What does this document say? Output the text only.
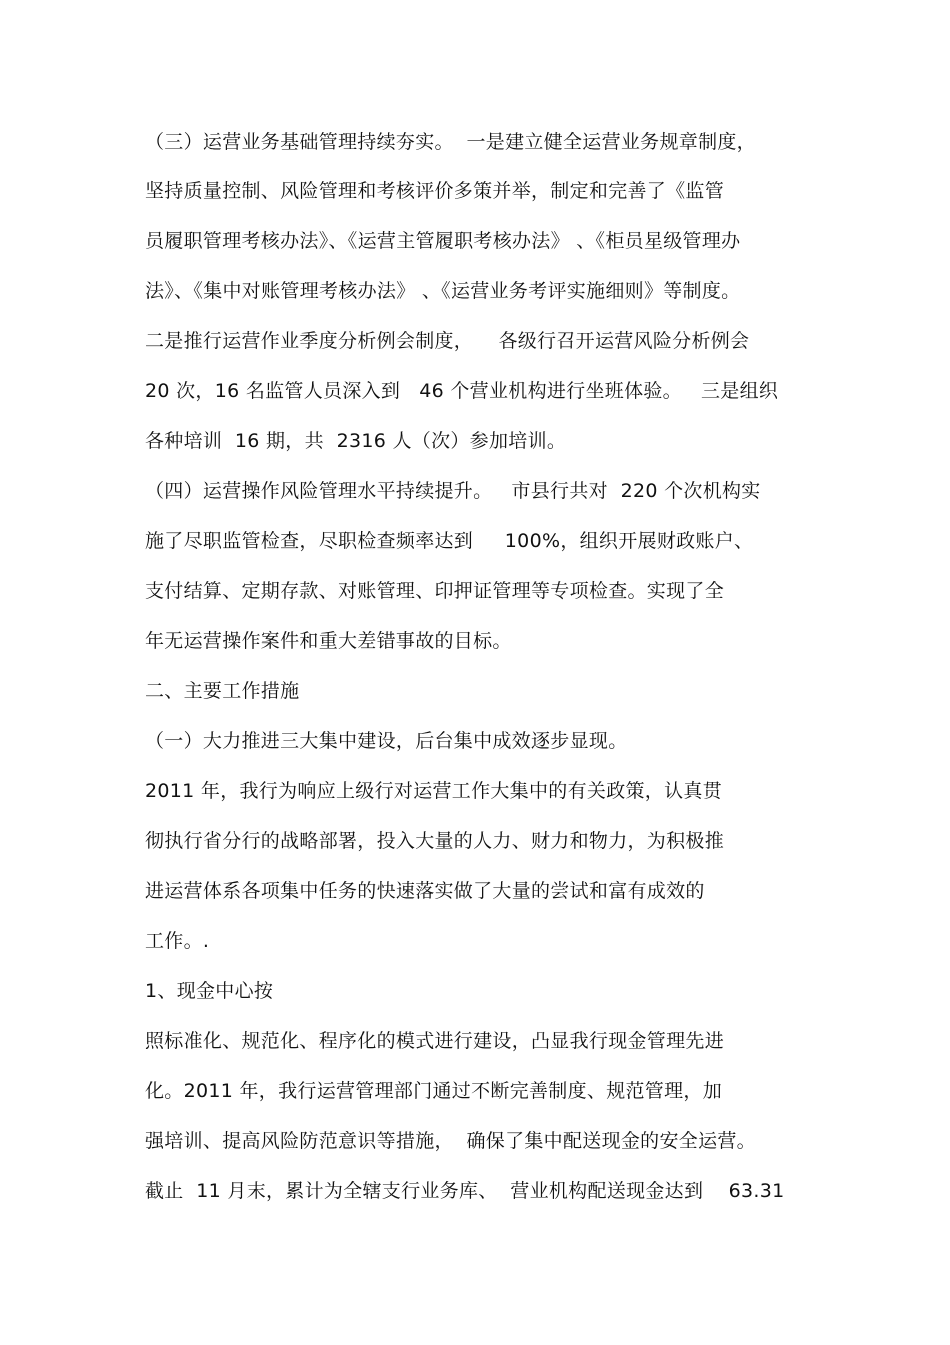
（三）运营业务基础管理持续夯实。  一是建立健全运营业务规章制度，
坚持质量控制、风险管理和考核评价多策并举，制定和完善了《监管
员履职管理考核办法》、《运营主管履职考核办法》 、《柜员星级管理办
法》、《集中对账管理考核办法》 、《运营业务考评实施细则》等制度。
二是推行运营作业季度分析例会制度，    各级行召开运营风险分析例会
20 次，16 名监管人员深入到   46 个营业机构进行坐班体验。   三是组织
各种培训  16 期，共  2316 人（次）参加培训。
（四）运营操作风险管理水平持续提升。   市县行共对  220 个次机构实
施了尽职监管检查，尽职检查频率达到     100%，组织开展财政账户、
支付结算、定期存款、对账管理、印押证管理等专项检查。实现了全
年无运营操作案件和重大差错事故的目标。
二、主要工作措施
（一）大力推进三大集中建设，后台集中成效逐步显现。
2011 年，我行为响应上级行对运营工作大集中的有关政策，认真贯
彻执行省分行的战略部署，投入大量的人力、财力和物力，为积极推
进运营体系各项集中任务的快速落实做了大量的尝试和富有成效的
工作。.
1、现金中心按
照标准化、规范化、程序化的模式进行建设，凸显我行现金管理先进
化。2011 年，我行运营管理部门通过不断完善制度、规范管理，加
强培训、提高风险防范意识等措施，  确保了集中配送现金的安全运营。
截止  11 月末，累计为全辖支行业务库、  营业机构配送现金达到    63.31
